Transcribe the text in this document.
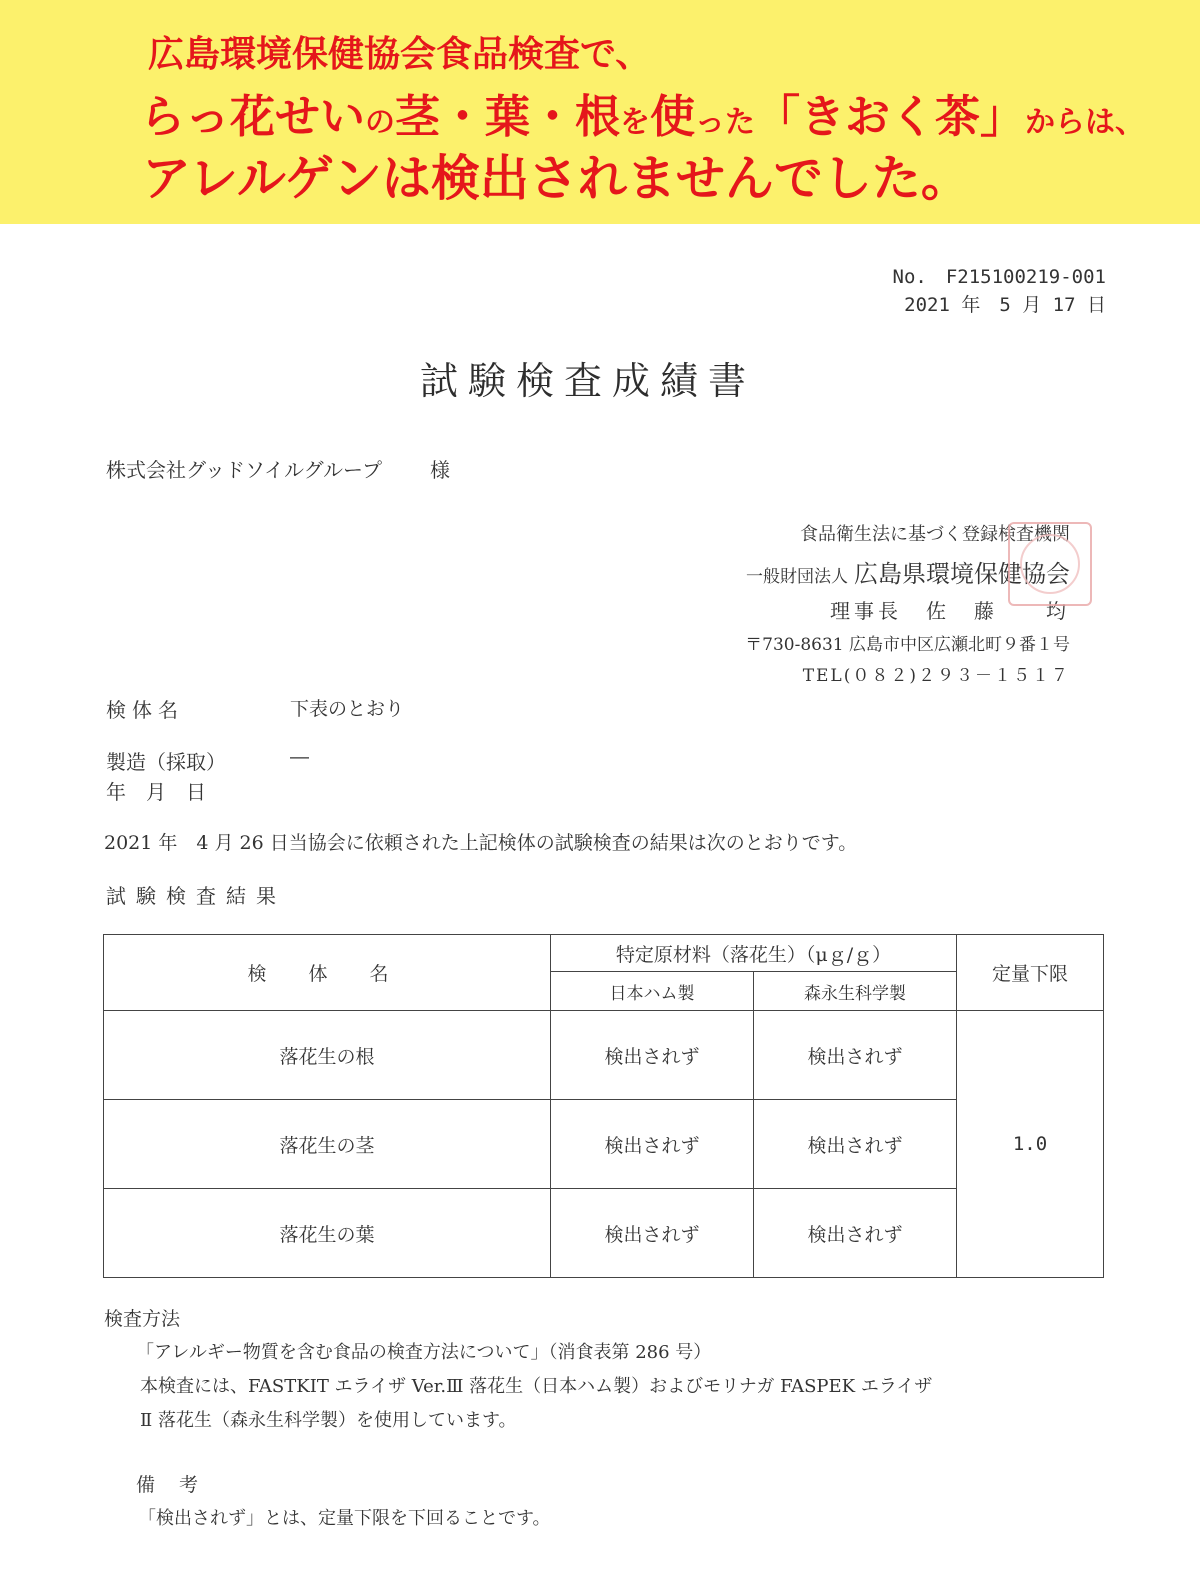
広島環境保健協会食品検査で、
らっ花せいの茎・葉・根を使った「きおく茶」からは、
アレルゲンは検出されませんでした。
No.　F215100219-001
2021 年　5 月 17 日
試験検査成績書
株式会社グッドソイルグループ 様
食品衛生法に基づく登録検査機関
一般財団法人 広島県環境保健協会
理事長　佐　藤　　均
〒730-8631 広島市中区広瀬北町９番１号
TEL(０８２)２９３－１５１７
検体名	下表のとおり
製造（採取）
年　月　日
―
2021 年　4 月 26 日当協会に依頼された上記検体の試験検査の結果は次のとおりです。
試験検査結果
検 体 名	特定原材料（落花生）（μｇ/ｇ）		定量下限
	日本ハム製	森永生科学製	
落花生の根	検出されず	検出されず	1.0
落花生の茎	検出されず	検出されず	
落花生の葉	検出されず	検出されず	
検査方法
「アレルギー物質を含む食品の検査方法について」（消食表第 286 号）
本検査には、FASTKIT エライザ Ver.Ⅲ 落花生（日本ハム製）およびモリナガ FASPEK エライザ
Ⅱ 落花生（森永生科学製）を使用しています。
備考
「検出されず」とは、定量下限を下回ることです。
